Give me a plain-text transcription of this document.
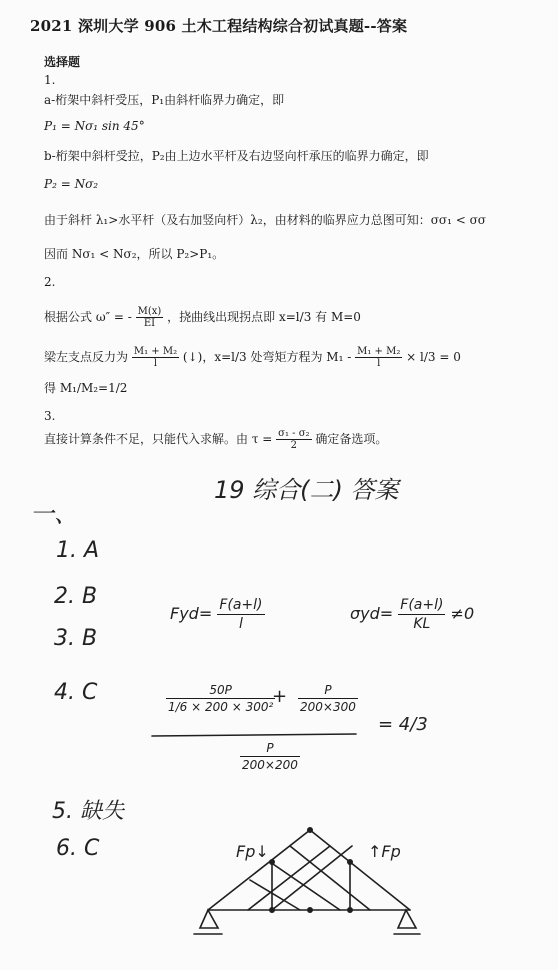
2021 深圳大学 906 土木工程结构综合初试真题--答案
选择题
1.
a-桁架中斜杆受压，P₁由斜杆临界力确定，即
P₁ = Nσ₁ sin 45°
b-桁架中斜杆受拉，P₂由上边水平杆及右边竖向杆承压的临界力确定，即
P₂ = Nσ₂
由于斜杆 λ₁>水平杆（及右加竖向杆）λ₂，由材料的临界应力总图可知：σσ₁ < σσ
因而 Nσ₁ < Nσ₂，所以 P₂>P₁。
2.
根据公式 ω″ = - $\frac{M(x)}{EI}$ ，挠曲线出现拐点即 x=l/3 有 M=0
梁左支点反力为 $\frac{\text{M₁ + M₂}}{l}$ (↓)，x=l/3 处弯矩方程为 $M_1 - \frac{\text{M₁ + M₂}}{l} \times l/3 = 0$
得 M₁/M₂=1/2
3.
直接计算条件不足，只能代入求解。由 $\tau = \frac{\text{σ₁ - σ₂}}{2}$ 确定备选项。
19 综合(二) 答案
一、
1. A
2. B
3. B
4. C
5. 缺失
6. C
$Fyd= \frac{F(a+l)}{l}$	$\sigma yd= \frac{F(a+l)}{KL} \ne 0$
$\frac{50P}{\text{1/6 × 200 × 300²}}$
+ $\frac{P}{200\times 300}$
$\frac{P}{200\times 200}$
= 4/3
Fp↓	↑Fp
